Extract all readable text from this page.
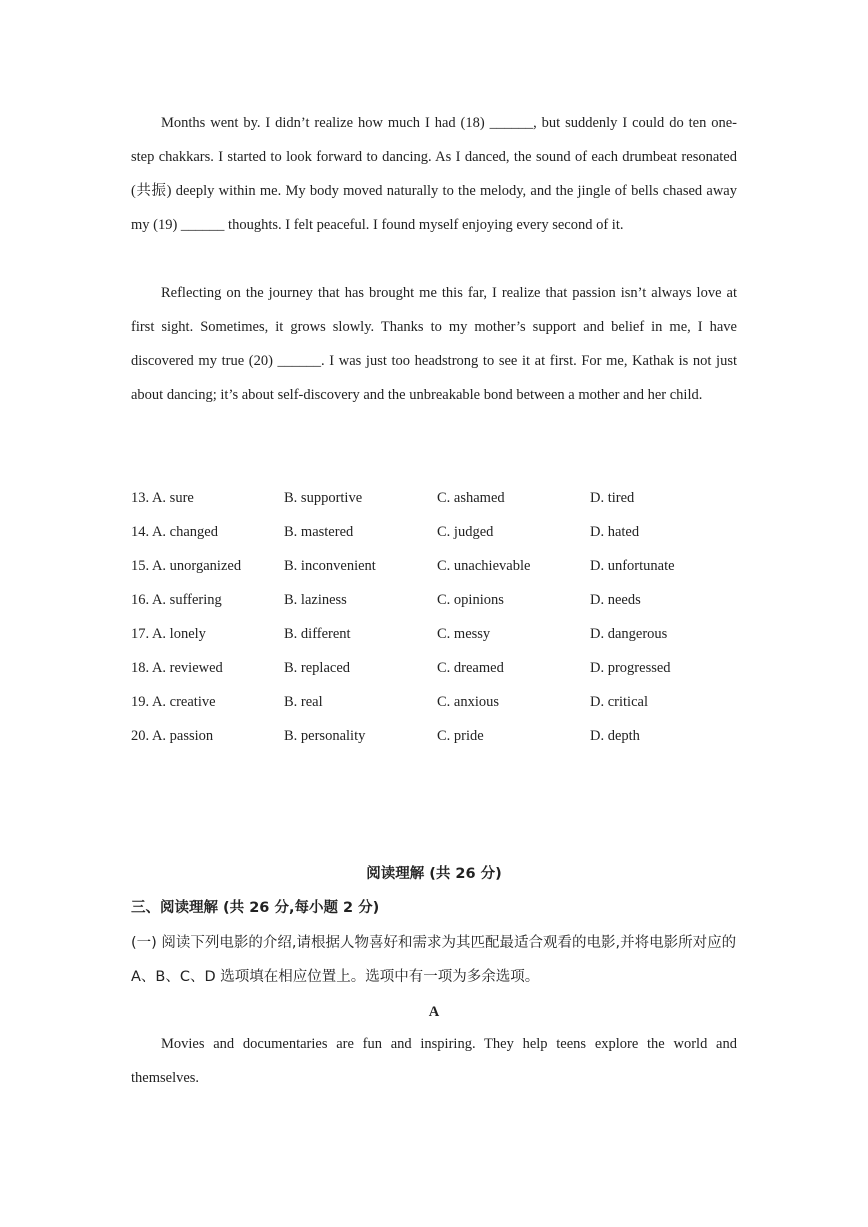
Months went by. I didn’t realize how much I had (18) ______, but suddenly I could do ten one-step chakkars. I started to look forward to dancing. As I danced, the sound of each drumbeat resonated (共振) deeply within me. My body moved naturally to the melody, and the jingle of bells chased away my (19) ______ thoughts. I felt peaceful. I found myself enjoying every second of it.

Reflecting on the journey that has brought me this far, I realize that passion isn’t always love at first sight. Sometimes, it grows slowly. Thanks to my mother’s support and belief in me, I have discovered my true (20) ______. I was just too headstrong to see it at first. For me, Kathak is not just about dancing; it’s about self-discovery and the unbreakable bond between a mother and her child.

13. A. sure	B. supportive	C. ashamed	D. tired
14. A. changed	B. mastered	C. judged	D. hated
15. A. unorganized	B. inconvenient	C. unachievable	D. unfortunate
16. A. suffering	B. laziness	C. opinions	D. needs
17. A. lonely	B. different	C. messy	D. dangerous
18. A. reviewed	B. replaced	C. dreamed	D. progressed
19. A. creative	B. real	C. anxious	D. critical
20. A. passion	B. personality	C. pride	D. depth
阅读理解 (共 26 分)

三、阅读理解 (共 26 分,每小题 2 分)

(一) 阅读下列电影的介绍,请根据人物喜好和需求为其匹配最适合观看的电影,并将电影所对应的 A、B、C、D 选项填在相应位置上。选项中有一项为多余选项。

A

Movies and documentaries are fun and inspiring. They help teens explore the world and themselves.
